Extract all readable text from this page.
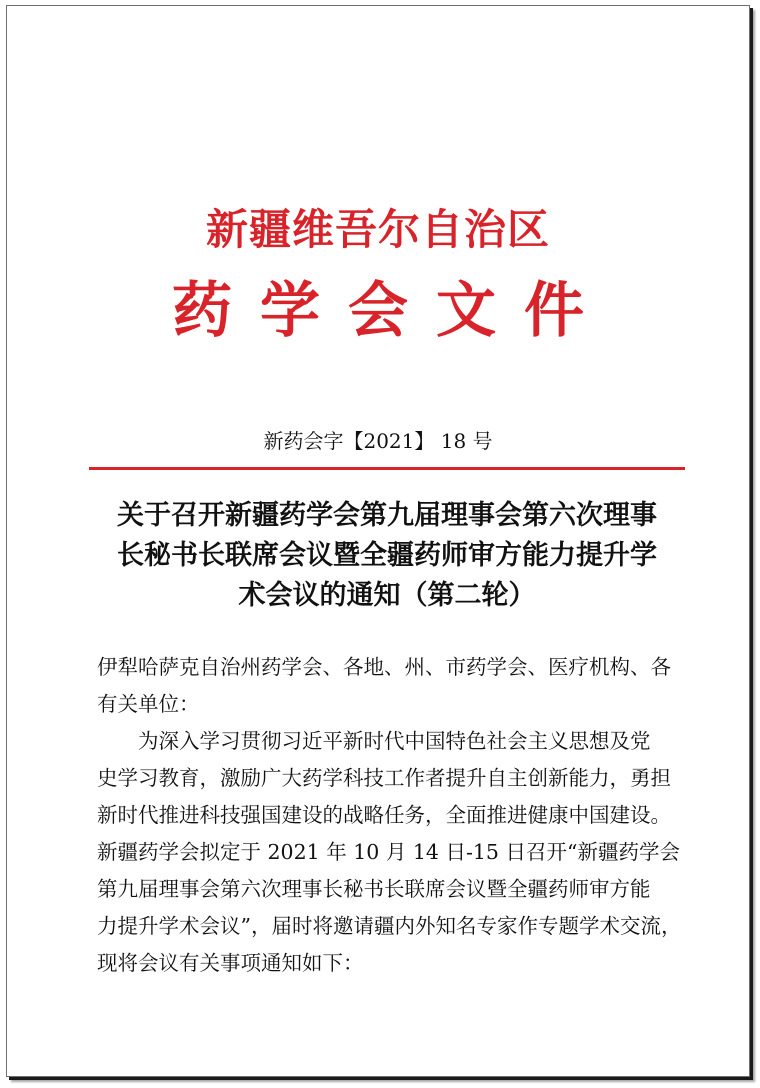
新疆维吾尔自治区
药学会文件
新药会字【2021】 18 号
关于召开新疆药学会第九届理事会第六次理事
长秘书长联席会议暨全疆药师审方能力提升学
术会议的通知（第二轮）
伊犁哈萨克自治州药学会、各地、州、市药学会、医疗机构、各
有关单位：
　　为深入学习贯彻习近平新时代中国特色社会主义思想及党
史学习教育，激励广大药学科技工作者提升自主创新能力，勇担
新时代推进科技强国建设的战略任务，全面推进健康中国建设。
新疆药学会拟定于 2021 年 10 月 14 日-15 日召开“新疆药学会
第九届理事会第六次理事长秘书长联席会议暨全疆药师审方能
力提升学术会议”，届时将邀请疆内外知名专家作专题学术交流，
现将会议有关事项通知如下：
